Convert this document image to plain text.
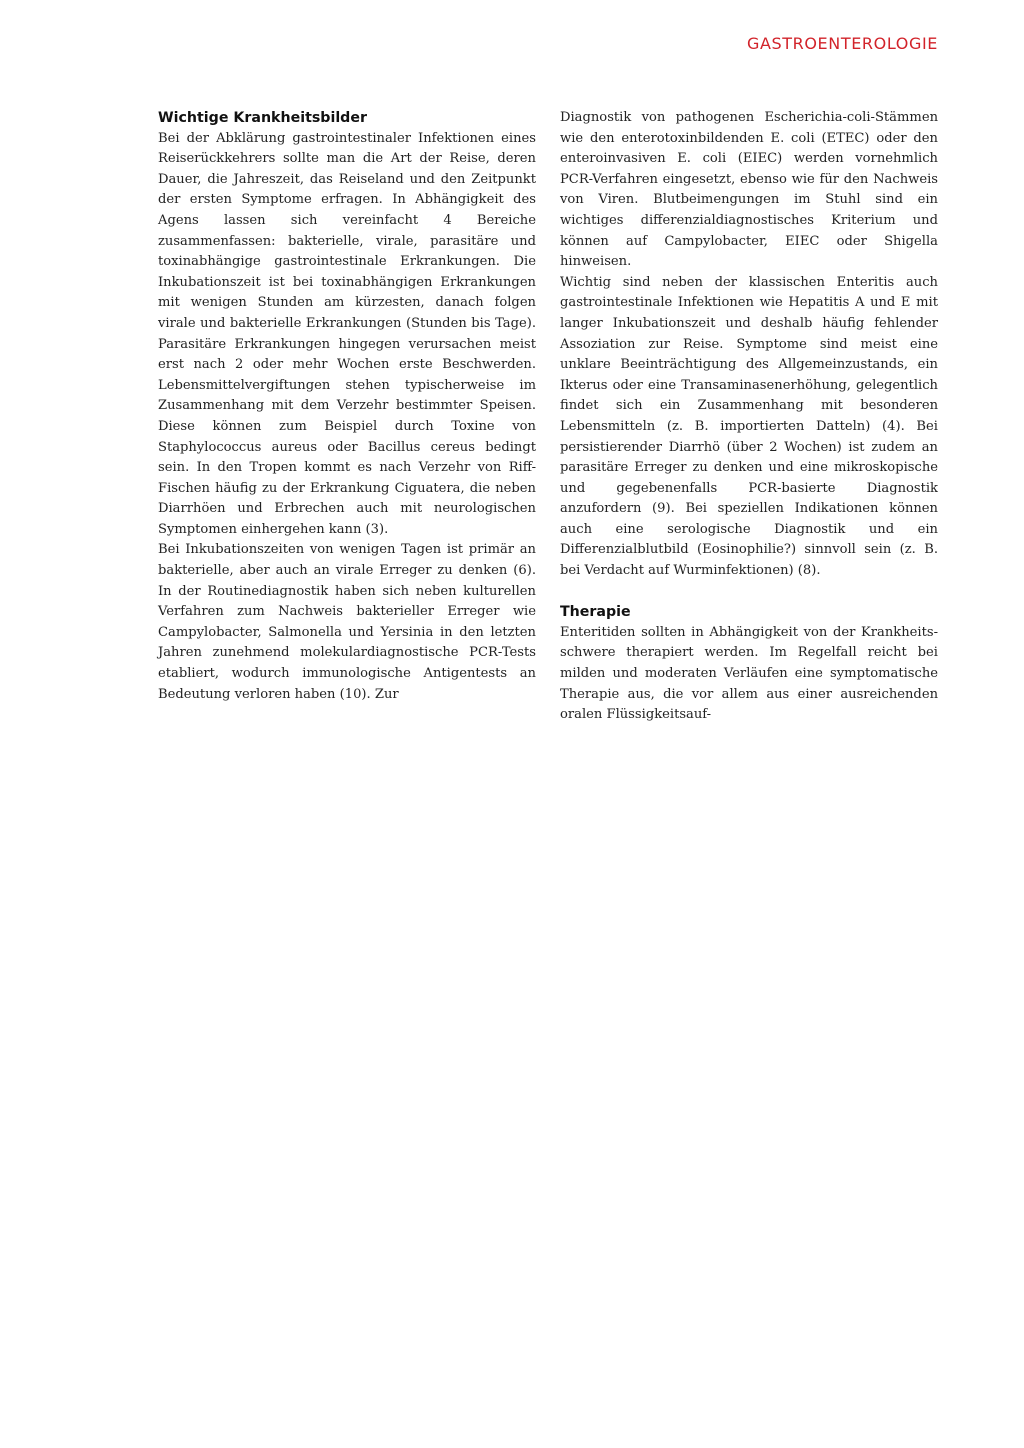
GASTROENTEROLOGIE
Wichtige Krankheitsbilder

Bei der Abklärung gastrointestinaler Infektionen eines Reiserückkehrers sollte man die Art der Reise, deren Dauer, die Jahreszeit, das Reiseland und den Zeitpunkt der ersten Symptome erfragen. In Abhängigkeit des Agens lassen sich vereinfacht 4 Bereiche zusammenfassen: bakterielle, virale, parasitäre und toxinabhängige gastrointestinale Erkrankungen. Die Inkubationszeit ist bei toxinabhängigen Erkrankungen mit wenigen Stunden am kürzesten, danach folgen virale und bakterielle Erkrankungen (Stunden bis Tage). Parasitäre Erkrankungen hingegen verursachen meist erst nach 2 oder mehr Wochen erste Beschwerden. Lebensmittelvergiftungen stehen typischerweise im Zusammenhang mit dem Verzehr bestimmter Speisen. Diese können zum Beispiel durch Toxine von Staphylococcus aureus oder Bacillus cereus bedingt sein. In den Tropen kommt es nach Verzehr von Riff-Fischen häufig zu der Erkrankung Ciguatera, die neben Diarrhöen und Erbrechen auch mit neurologischen Symptomen einhergehen kann (3).

Bei Inkubationszeiten von wenigen Tagen ist primär an bakterielle, aber auch an virale Erreger zu denken (6). In der Routinediagnostik haben sich neben kulturellen Verfahren zum Nachweis bakterieller Erreger wie Campylobacter, Salmonella und Yersinia in den letzten Jahren zunehmend molekulardiagnostische PCR-Tests etabliert, wodurch immunologische Antigentests an Bedeutung verloren haben (10). Zur

Diagnostik von pathogenen Escherichia-coli-Stämmen wie den enterotoxinbildenden E. coli (ETEC) oder den enteroinvasiven E. coli (EIEC) werden vornehmlich PCR-Verfahren eingesetzt, ebenso wie für den Nachweis von Viren. Blutbeimengungen im Stuhl sind ein wichtiges differenzialdiagnostisches Kriterium und können auf Campylobacter, EIEC oder Shigella hinweisen.

Wichtig sind neben der klassischen Enteritis auch gastrointestinale Infektionen wie Hepatitis A und E mit langer Inkubationszeit und deshalb häufig fehlender Assoziation zur Reise. Symptome sind meist eine unklare Beeinträchtigung des Allgemeinzustands, ein Ikterus oder eine Transaminasenerhöhung, gelegentlich findet sich ein Zusammenhang mit besonderen Lebensmitteln (z. B. importierten Datteln) (4). Bei persistierender Diarrhö (über 2 Wochen) ist zudem an parasitäre Erreger zu denken und eine mikroskopische und gegebenenfalls PCR-basierte Diagnostik anzufordern (9). Bei speziellen Indikationen können auch eine serologische Diagnostik und ein Differenzialblutbild (Eosinophilie?) sinnvoll sein (z. B. bei Verdacht auf Wurminfektionen) (8).

Therapie

Enteritiden sollten in Abhängigkeit von der Krankheitsschwere therapiert werden. Im Regelfall reicht bei milden und moderaten Verläufen eine symptomatische Therapie aus, die vor allem aus einer ausreichenden oralen Flüssigkeitsauf-
